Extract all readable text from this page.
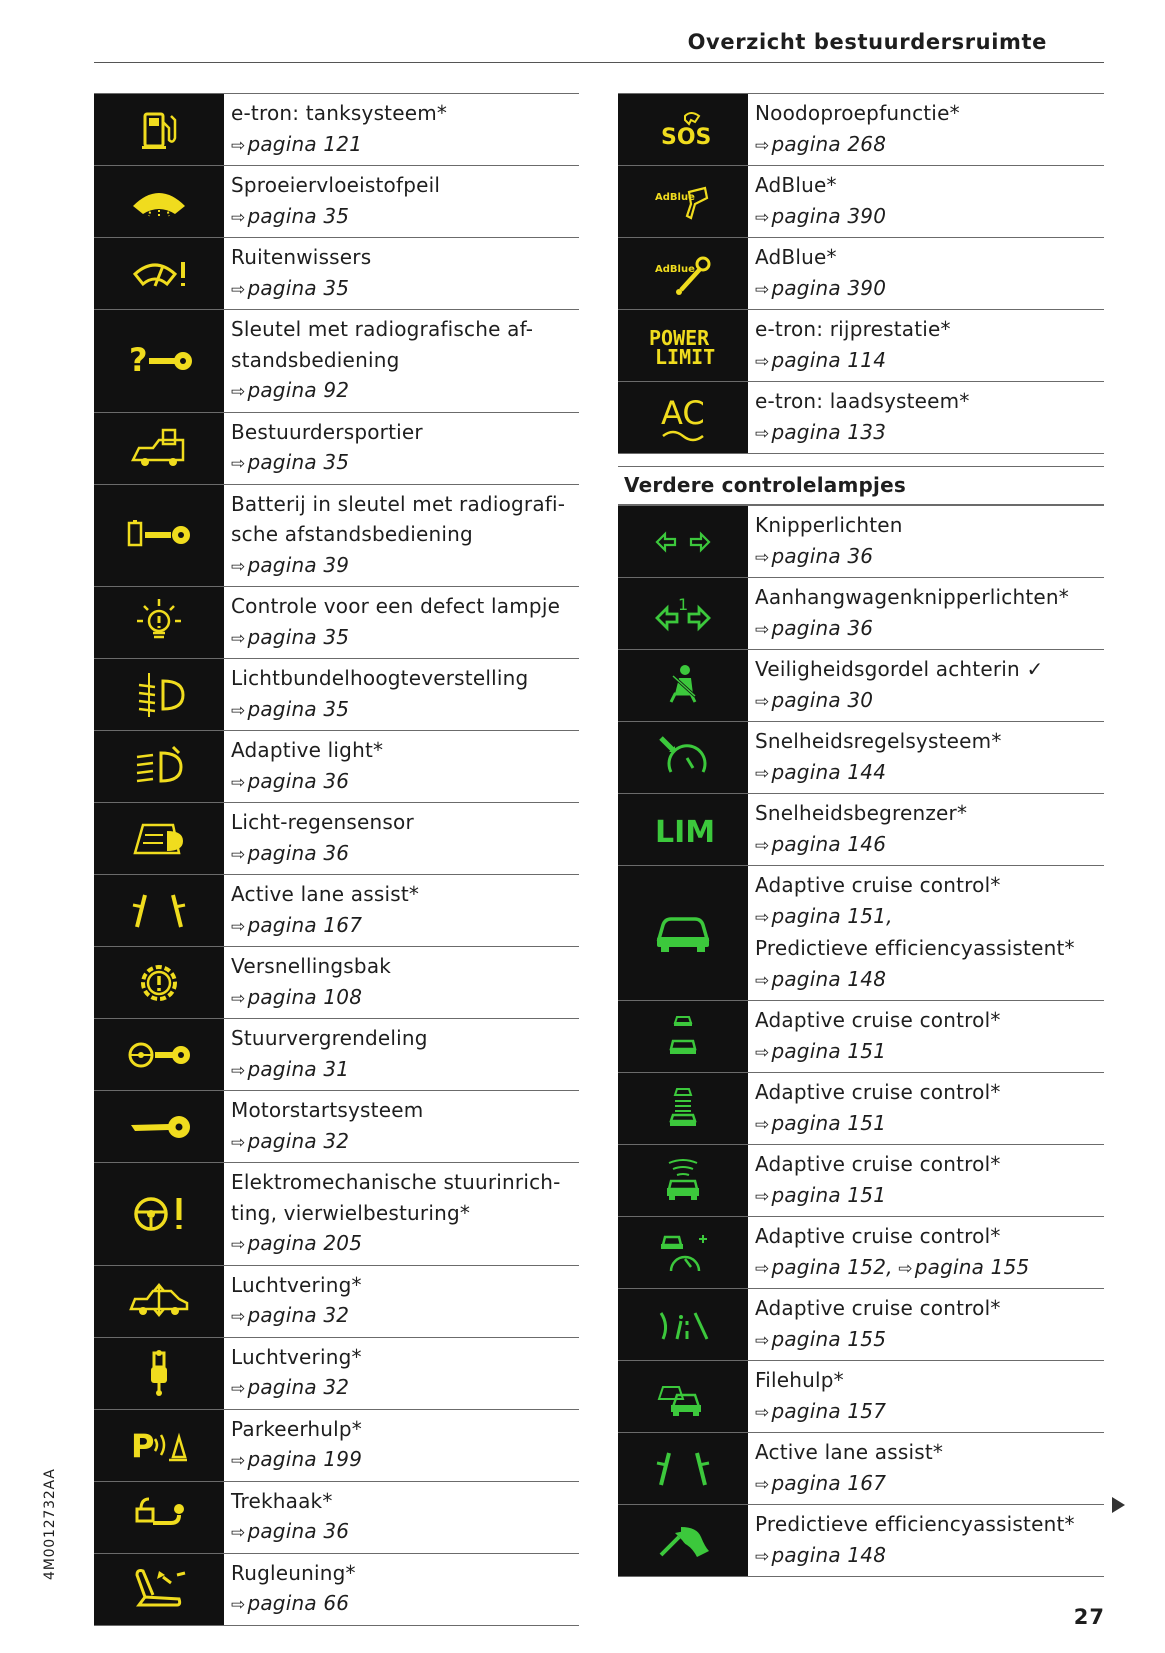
Overzicht bestuurdersruimte
e-tron: tanksysteem*
⇨ pagina 121
Sproeiervloeistofpeil
⇨ pagina 35
Ruitenwissers
⇨ pagina 35
?
Sleutel met radiografische af-
standsbediening
⇨ pagina 92
Bestuurdersportier
⇨ pagina 35
Batterij in sleutel met radiografi-
sche afstandsbediening
⇨ pagina 39
Controle voor een defect lampje
⇨ pagina 35
Lichtbundelhoogteverstelling
⇨ pagina 35
Adaptive light*
⇨ pagina 36
Licht-regensensor
⇨ pagina 36
Active lane assist*
⇨ pagina 167
Versnellingsbak
⇨ pagina 108
Stuurvergrendeling
⇨ pagina 31
Motorstartsysteem
⇨ pagina 32
Elektromechanische stuurinrich-
ting, vierwielbesturing*
⇨ pagina 205
Luchtvering*
⇨ pagina 32
Luchtvering*
⇨ pagina 32
P	Parkeerhulp*
⇨ pagina 199
Trekhaak*
⇨ pagina 36
Rugleuning*
⇨ pagina 66
SOS
Noodoproepfunctie*
⇨ pagina 268
AdBlue	AdBlue*
⇨ pagina 390
AdBlue	AdBlue*
⇨ pagina 390
POWER
LIMIT
e-tron: rijprestatie*
⇨ pagina 114
AC	e-tron: laadsysteem*
⇨ pagina 133
Verdere controlelampjes
Knipperlichten
⇨ pagina 36
1	Aanhangwagenknipperlichten*
⇨ pagina 36
Veiligheidsgordel achterin ✓
⇨ pagina 30
Snelheidsregelsysteem*
⇨ pagina 144
LIM
Snelheidsbegrenzer*
⇨ pagina 146
Adaptive cruise control*
⇨ pagina 151,
Predictieve efficiencyassistent*
⇨ pagina 148
Adaptive cruise control*
⇨ pagina 151
Adaptive cruise control*
⇨ pagina 151
Adaptive cruise control*
⇨ pagina 151
Adaptive cruise control*
⇨ pagina 152, ⇨ pagina 155
Adaptive cruise control*
⇨ pagina 155
Filehulp*
⇨ pagina 157
Active lane assist*
⇨ pagina 167
Predictieve efficiencyassistent*
⇨ pagina 148
4M0012732AA
27
